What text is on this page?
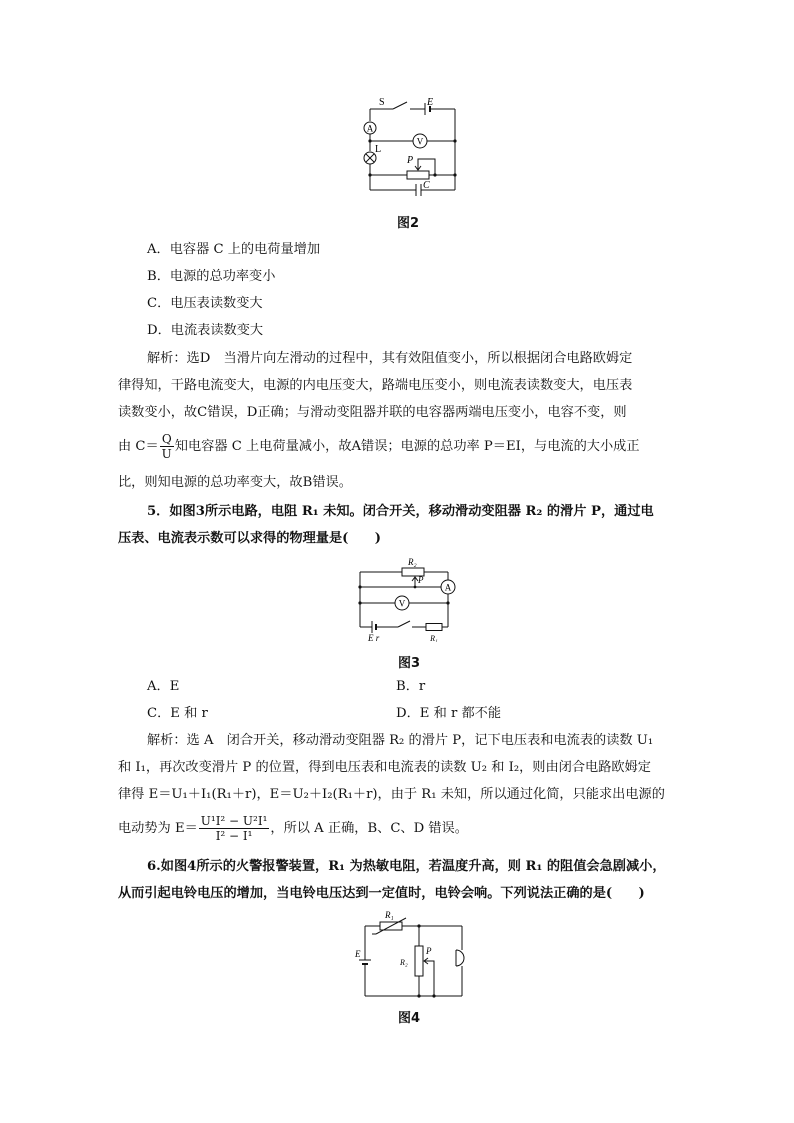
S	E
A
V
L
P
C
图2
A．电容器 C 上的电荷量增加
B．电源的总功率变小
C．电压表读数变大
D．电流表读数变大
解析：选D　当滑片向左滑动的过程中，其有效阻值变小，所以根据闭合电路欧姆定
律得知，干路电流变大，电源的内电压变大，路端电压变小，则电流表读数变大，电压表
读数变小，故C错误，D正确；与滑动变阻器并联的电容器两端电压变小，电容不变，则
由 $C= \frac{Q}{U}$ 知电容器 C 上电荷量减小，故A错误；电源的总功率 P＝EI，与电流的大小成正
比，则知电源的总功率变大，故B错误。
5．如图3所示电路，电阻 R₁ 未知。闭合开关，移动滑动变阻器 R₂ 的滑片 P，通过电
压表、电流表示数可以求得的物理量是(　　)
R₂
P
A
V
E r	R₁
图3
A．E	B．r
C．E 和 r	D．E 和 r 都不能
解析：选 A　闭合开关，移动滑动变阻器 R₂ 的滑片 P，记下电压表和电流表的读数 U₁
和 I₁，再次改变滑片 P 的位置，得到电压表和电流表的读数 U₂ 和 I₂，则由闭合电路欧姆定
律得 E＝U₁＋I₁(R₁＋r)，E＝U₂＋I₂(R₁＋r)，由于 R₁ 未知，所以通过化简，只能求出电源的
电动势为 $E= \frac{\text{U¹I² − U²I¹}}{\text{I² − I¹}}$ ，所以 A 正确，B、C、D 错误。
6.如图4所示的火警报警装置，R₁ 为热敏电阻，若温度升高，则 R₁ 的阻值会急剧减小，
从而引起电铃电压的增加，当电铃电压达到一定值时，电铃会响。下列说法正确的是(　　)
R₁
E
R₂
P
图4
